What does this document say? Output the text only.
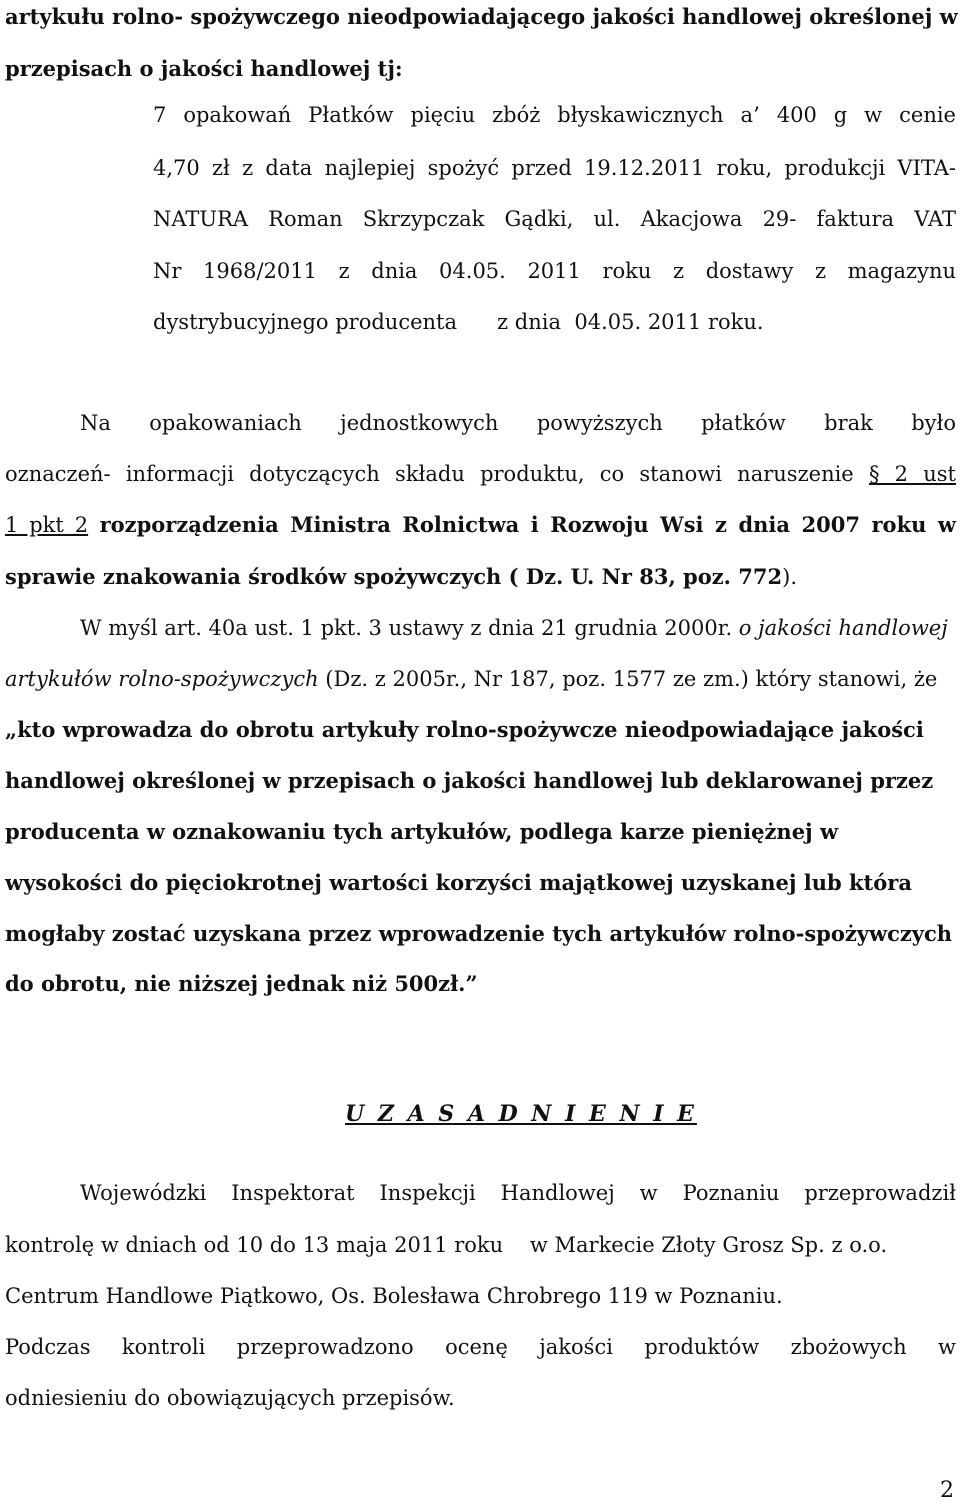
artykułu rolno- spożywczego nieodpowiadającego jakości handlowej określonej w
przepisach o jakości handlowej tj:
7 opakowań Płatków pięciu zbóż błyskawicznych a’ 400 g w cenie
4,70 zł z data najlepiej spożyć przed 19.12.2011 roku, produkcji VITA-
NATURA Roman Skrzypczak Gądki, ul. Akacjowa 29- faktura VAT
Nr 1968/2011 z dnia 04.05. 2011 roku z dostawy z magazynu
dystrybucyjnego producenta      z dnia  04.05. 2011 roku.
Na opakowaniach jednostkowych powyższych płatków brak było
oznaczeń- informacji dotyczących składu produktu, co stanowi naruszenie § 2 ust
1 pkt 2 rozporządzenia Ministra Rolnictwa i Rozwoju Wsi z dnia 2007 roku w
sprawie znakowania środków spożywczych ( Dz. U. Nr 83, poz. 772).
W myśl art. 40a ust. 1 pkt. 3 ustawy z dnia 21 grudnia 2000r. o jakości handlowej
artykułów rolno-spożywczych (Dz. z 2005r., Nr 187, poz. 1577 ze zm.) który stanowi, że
„kto wprowadza do obrotu artykuły rolno-spożywcze nieodpowiadające jakości
handlowej określonej w przepisach o jakości handlowej lub deklarowanej przez
producenta w oznakowaniu tych artykułów, podlega karze pieniężnej w
wysokości do pięciokrotnej wartości korzyści majątkowej uzyskanej lub która
mogłaby zostać uzyskana przez wprowadzenie tych artykułów rolno-spożywczych
do obrotu, nie niższej jednak niż 500zł.”
U Z A S A D N I E N I E
Wojewódzki Inspektorat Inspekcji Handlowej w Poznaniu przeprowadził
kontrolę w dniach od 10 do 13 maja 2011 roku    w Markecie Złoty Grosz Sp. z o.o.
Centrum Handlowe Piątkowo, Os. Bolesława Chrobrego 119 w Poznaniu.
Podczas kontroli przeprowadzono ocenę jakości produktów zbożowych w
odniesieniu do obowiązujących przepisów.
2
